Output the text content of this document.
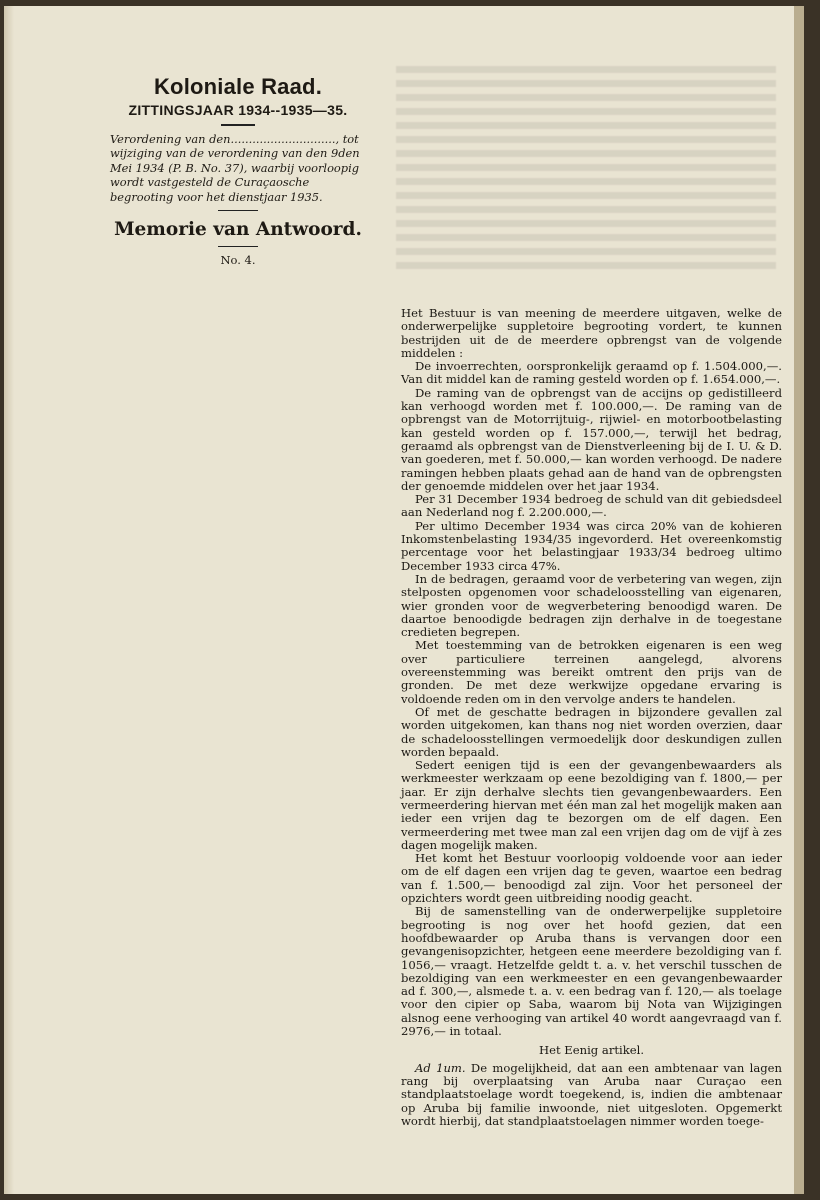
Koloniale Raad.
ZITTINGSJAAR 1934--1935—35.

Verordening van den............................., tot wijziging van de verordening van den 9den Mei 1934 (P. B. No. 37), waarbij voorloopig wordt vastgesteld de Curaçaosche begrooting voor het dienstjaar 1935.

Memorie van Antwoord.
No. 4.

Het Bestuur is van meening de meerdere uitgaven, welke de onderwerpelijke suppletoire begrooting vordert, te kunnen bestrijden uit de de meerdere opbrengst van de volgende middelen :

De invoerrechten, oorspronkelijk geraamd op f. 1.504.000,—. Van dit middel kan de raming gesteld worden op f. 1.654.000,—.

De raming van de opbrengst van de accijns op gedistilleerd kan verhoogd worden met f. 100.000,—. De raming van de opbrengst van de Motorrijtuig-, rijwiel- en motorbootbelasting kan gesteld worden op f. 157.000,—, terwijl het bedrag, geraamd als opbrengst van de Dienstverleening bij de I. U. & D. van goederen, met f. 50.000,— kan worden verhoogd. De nadere ramingen hebben plaats gehad aan de hand van de opbrengsten der genoemde middelen over het jaar 1934.

Per 31 December 1934 bedroeg de schuld van dit gebiedsdeel aan Nederland nog f. 2.200.000,—.

Per ultimo December 1934 was circa 20% van de kohieren Inkomstenbelasting 1934/35 ingevorderd. Het overeenkomstig percentage voor het belastingjaar 1933/34 bedroeg ultimo December 1933 circa 47%.

In de bedragen, geraamd voor de verbetering van wegen, zijn stelposten opgenomen voor schadeloosstelling van eigenaren, wier gronden voor de wegverbetering benoodigd waren. De daartoe benoodigde bedragen zijn derhalve in de toegestane credieten begrepen.

Met toestemming van de betrokken eigenaren is een weg over particuliere terreinen aangelegd, alvorens overeenstemming was bereikt omtrent den prijs van de gronden. De met deze werkwijze opgedane ervaring is voldoende reden om in den vervolge anders te handelen.

Of met de geschatte bedragen in bijzondere gevallen zal worden uitgekomen, kan thans nog niet worden overzien, daar de schadeloosstellingen vermoedelijk door deskundigen zullen worden bepaald.

Sedert eenigen tijd is een der gevangenbewaarders als werkmeester werkzaam op eene bezoldiging van f. 1800,— per jaar. Er zijn derhalve slechts tien gevangenbewaarders. Een vermeerdering hiervan met één man zal het mogelijk maken aan ieder een vrijen dag te bezorgen om de elf dagen. Een vermeerdering met twee man zal een vrijen dag om de vijf à zes dagen mogelijk maken.

Het komt het Bestuur voorloopig voldoende voor aan ieder om de elf dagen een vrijen dag te geven, waartoe een bedrag van f. 1.500,— benoodigd zal zijn. Voor het personeel der opzichters wordt geen uitbreiding noodig geacht.

Bij de samenstelling van de onderwerpelijke suppletoire begrooting is nog over het hoofd gezien, dat een hoofdbewaarder op Aruba thans is vervangen door een gevangenisopzichter, hetgeen eene meerdere bezoldiging van f. 1056,— vraagt. Hetzelfde geldt t. a. v. het verschil tusschen de bezoldiging van een werkmeester en een gevangenbewaarder ad f. 300,—, alsmede t. a. v. een bedrag van f. 120,— als toelage voor den cipier op Saba, waarom bij Nota van Wijzigingen alsnog eene verhooging van artikel 40 wordt aangevraagd van f. 2976,— in totaal.

Het Eenig artikel.

Ad 1um. De mogelijkheid, dat aan een ambtenaar van lagen rang bij overplaatsing van Aruba naar Curaçao een standplaatstoelage wordt toegekend, is, indien die ambtenaar op Aruba bij familie inwoonde, niet uitgesloten. Opgemerkt wordt hierbij, dat standplaatstoelagen nimmer worden toege-
